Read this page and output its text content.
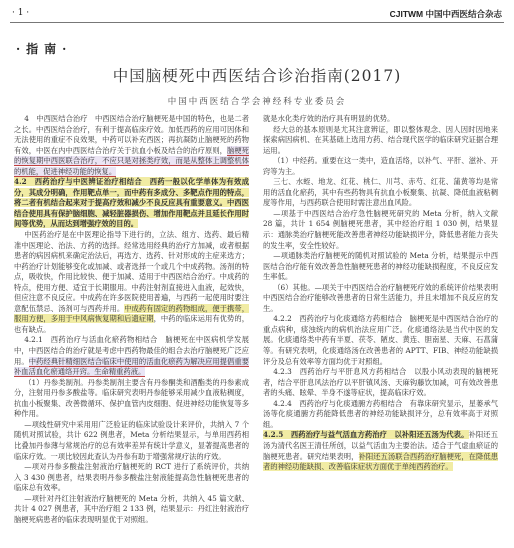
· 1 ·	CJITWM 中国中西医结合杂志
·指南·
中国脑梗死中西医结合诊治指南(2017)
中国中西医结合学会神经科专业委员会

4　中西医结合治疗　中西医结合治疗脑梗死是中国的特色，也是二者之长。中西医结合治疗，有利于提高临床疗效。加低西药的应用可因体和无法使用的重症不良效果，中药可以补充西医；再抗凝防止脑梗死的药物有效，中医在内中西医结合治疗关于抗血小板及结合的治疗原则，脑梗死的恢复期中西医联合治疗，不应只是对拯类疗效，而是从整体上调整机体的机能，促进神经功能的恢复。

4.2　西药治疗与中医辨证治疗相结合　西药一般以化学单体为有效成分，其成分明确，作用靶点单一，而中药有多成分、多靶点作用的特点，将二者有机结合起来对于提高疗效和减少不良反应具有重要意义。中西医结合使用具有保护脑细胞、减轻脏器损伤、增加作用靶点并且延长作用时间等优势，从而达到增强疗效的目的。

中医药治疗是在中医理论指导下进行的，立法、组方、选药、最后精准中医理论、治法、方药的选择。经常选用经典的治疗方加减，或者根据患者的病因病机来确定治法后，再选方、选药、针对形成的主症来选方；中药治疗计划能够变化或加减、或者选择一个或几个中成药物。汤剂的特点，吸收快，作用比较快、便于加减、适用于中西医结合治疗。中成药的特点，使用方便、适宜于长期服用。中药注射剂直接进入血液，起效快，但应注意不良反应。中成药在许多医院使用普遍，与西药一起使用时要注意配伍禁忌、汤剂可与西药并用。中成药有固定的药物组成，便于携带，服用方便，多用于中风病恢复期和后遗症期，中药的临床运用有优势的，也有缺点。

4.2.1　西药治疗与活血化瘀药物相结合　脑梗死在中医病机学发展中，中西医结合的治疗就是考虑中西药物最佳的组合去治疗脑梗死广泛应用。中药经典针精细医结合临床中使用的活血化瘀药为解决应用提倡重要补血活血化瘀通络开窍。生命精重药液。

（1）丹参类制剂。丹参类制剂主要含有丹参酮类和酒酯类的丹参素成分，注射用丹参多酸盐等。临床研究表明丹参能够采用减少血液粘稠度，抗血小板聚集、改善微循环、保护血管内皮细胞、促进神经功能恢复等多种作用。

—项线性研究中采用用广泛验证的临床试验设计来评价，共纳入 7 个随机对照试验，共计 622 例患者，Meta 分析结果显示，与单用西药相比叠加丹参薄与常规治疗的总有效率差异有统计学意义，显著提高患者的临床疗效。一项比较因此查认为丹参有助于增强常规疗法的疗效。

—项对丹参多酸盐注射液治疗脑梗死的 RCT 进行了系统评价，共纳入 3 430 例患者，结果表明丹参多酸盐注射液能提高急性脑梗死患者的临床总有效率。

—项针对丹红注射液治疗脑梗死的 Meta 分析，共纳入 45 篇文献、共计 4 027 例患者，其中治疗组 2 133 例，结果显示：丹红注射液治疗脑梗死病患者的临床表现明显优于对照组。

就是水化类疗效的治疗具有明显的优势。

经大总的基本原则是尤其注意辨证，即以整体观念、因人因时因地来探索病因病机、在其基础上选用方药、结合现代医学的临床研究证据合理运用。

（1）中经药。重要在这一类中，造血活络，以补气、平肝、滋补、开窍等为主。

三七、水蛭、地龙、红花、桃仁、川芎、赤芍、红花、蒲黄等均是常用的活血化瘀药，其中有些药物具有抗血小板聚集、抗凝、降低血液粘稠度等作用，与西药联合使用时需注意出血风险。

—项基于中西医结合治疗急性脑梗死研究的 Meta 分析，纳入文献 28 篇，共计 1 654 例脑梗死患者，其中经治疗组 1 030 例，结果显示：通脉类治疗脑梗死能改善患者神经功能缺损评分，降低患者能力丧失的发生率，安全性较好。

—项通脉类治疗脑梗死的随机对照试验的 Meta 分析，结果提示中西医结合治疗能有效改善急性脑梗死患者的神经功能缺损程度，不良反应发生率低。

（6）其他。—项关于中西医结合治疗脑梗死疗效的系统评价结果表明中西医结合治疗能够改善患者的日常生活能力，并且未增加不良反应的发生。

4.2.2　西药治疗与化痰通络方药相结合　脑梗死是中西医结合治疗的重点病种，痰浊统内的病机治法应用广泛。化痰通络法是当代中医的发展。化痰通络类中药有半夏、茯苓、陋皮、黄连、胆南星、天麻、石菖蒲等。有研究表明，化痰通络汤在改善患者的 APTT、FIB、神经功能缺损评分及总有效率等方面均优于对照组。

4.2.3　西药治疗与平肝息风方药相结合　以股小风动表现的脑梗死者，结合平肝息风法治疗以平肝镇风汤、天麻钩藤饮加减，可有效改善患者的头痛、眩晕、半身不遂等症状，提高临床疗效。

4.2.4　西药治疗与化痰通腑方药相结合　有靠床研究显示，星蒌承气汤等化痰通腑方药能降低患者的神经功能缺损评分，总有效率高于对照组。

4.2.5　西药治疗与益气活血方药治疗　以补阳还五汤为代表。补阳还五汤为清代名医王清任所创，以益气活血为主要治法。适合于气虚血瘀证的脑梗死患者。研究结果表明，补阳还五汤联合西药治疗脑梗死，在降低患者的神经功能缺损、改善临床症状方面优于单纯西药治疗。
